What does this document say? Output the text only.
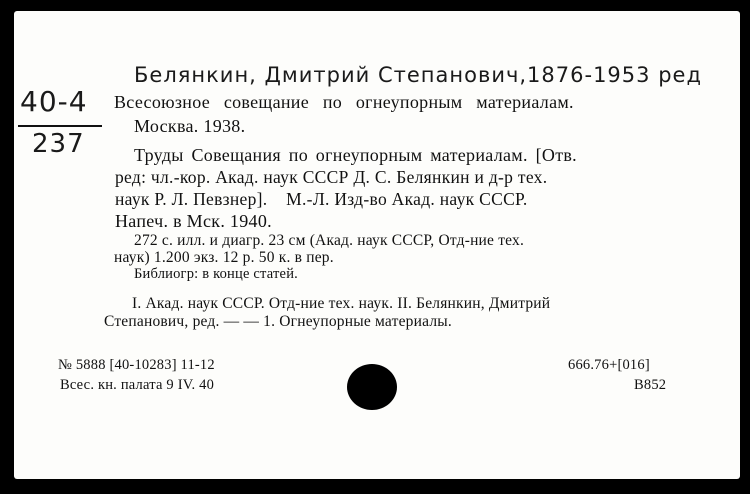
Белянкин, Дмитрий Степанович,1876-1953 ред
40-4
237
Всесоюзное совещание по огнеупорным материалам.
Москва. 1938.
Труды Совещания по огнеупорным материалам. [Отв.
ред: чл.-кор. Акад. наук СССР Д. С. Белянкин и д-р тех.
наук Р. Л. Певзнер].    М.-Л. Изд-во Акад. наук СССР.
Напеч. в Мск. 1940.
272 с. илл. и диагр. 23 см (Акад. наук СССР, Отд-ние тех.
наук) 1.200 экз. 12 р. 50 к. в пер.
Библиогр: в конце статей.
I. Акад. наук СССР. Отд-ние тех. наук. II. Белянкин, Дмитрий
Степанович, ред. — — 1. Огнеупорные материалы.
№ 5888 [40-10283] 11-12
Всес. кн. палата 9 IV. 40
666.76+[016]
В852
